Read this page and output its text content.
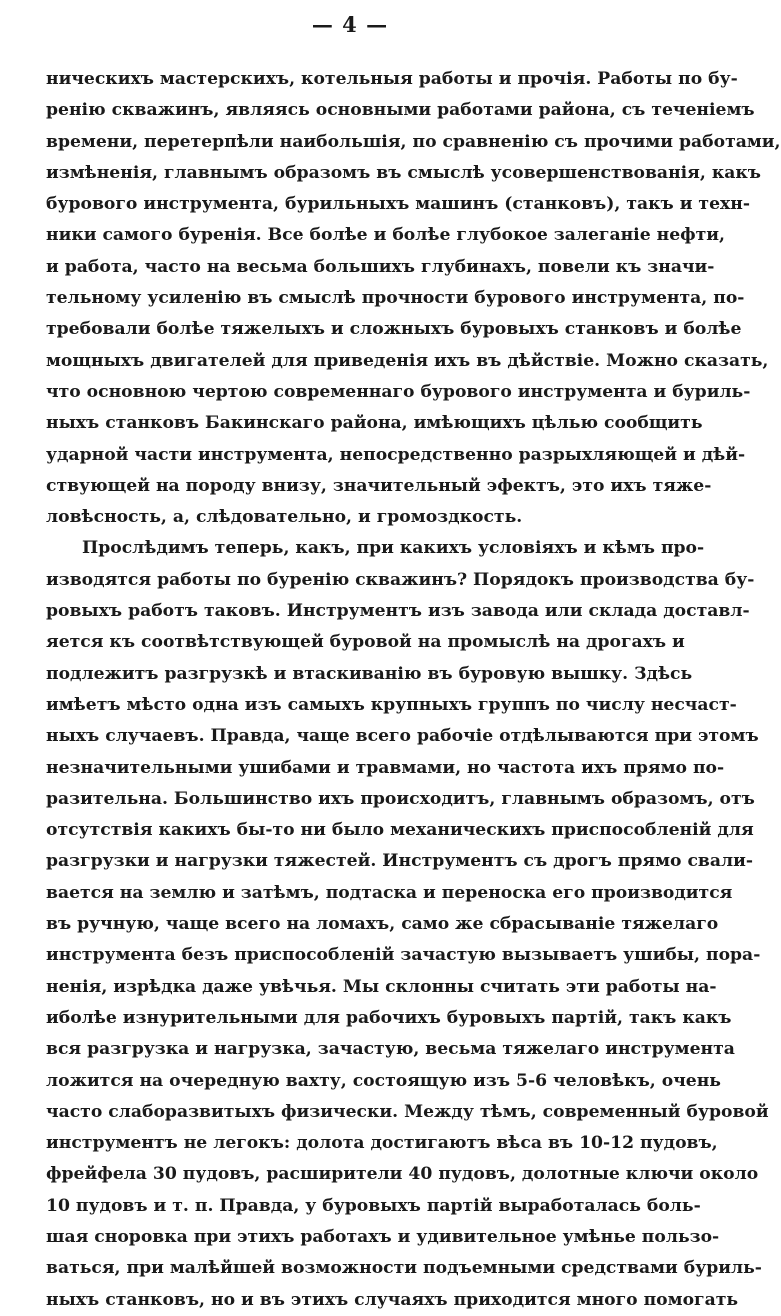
— 4 —
ническихъ мастерскихъ, котельныя работы и прочія. Работы по бу-
ренію скважинъ, являясь основными работами района, съ теченіемъ
времени, перетерпѣли наибольшія, по сравненію съ прочими работами,
измѣненія, главнымъ образомъ въ смыслѣ усовершенствованія, какъ
бурового инструмента, бурильныхъ машинъ (станковъ), такъ и техн-
ники самого буренія. Все болѣе и болѣе глубокое залеганіе нефти,
и работа, часто на весьма большихъ глубинахъ, повели къ значи-
тельному усиленію въ смыслѣ прочности бурового инструмента, по-
требовали болѣе тяжелыхъ и сложныхъ буровыхъ станковъ и болѣе
мощныхъ двигателей для приведенія ихъ въ дѣйствіе. Можно сказать,
что основною чертою современнаго бурового инструмента и буриль-
ныхъ станковъ Бакинскаго района, имѣющихъ цѣлью сообщить
ударной части инструмента, непосредственно разрыхляющей и дѣй-
ствующей на породу внизу, значительный эфектъ, это ихъ тяже-
ловѣсность, а, слѣдовательно, и громоздкость.
Прослѣдимъ теперь, какъ, при какихъ условіяхъ и кѣмъ про-
изводятся работы по буренію скважинъ? Порядокъ производства бу-
ровыхъ работъ таковъ. Инструментъ изъ завода или склада доставл-
яется къ соотвѣтствующей буровой на промыслѣ на дрогахъ и
подлежитъ разгрузкѣ и втаскиванію въ буровую вышку. Здѣсь
имѣетъ мѣсто одна изъ самыхъ крупныхъ группъ по числу несчаст-
ныхъ случаевъ. Правда, чаще всего рабочіе отдѣлываются при этомъ
незначительными ушибами и травмами, но частота ихъ прямо по-
разительна. Большинство ихъ происходитъ, главнымъ образомъ, отъ
отсутствія какихъ бы-то ни было механическихъ приспособленій для
разгрузки и нагрузки тяжестей. Инструментъ съ дрогъ прямо свали-
вается на землю и затѣмъ, подтаска и переноска его производится
въ ручную, чаще всего на ломахъ, само же сбрасываніе тяжелаго
инструмента безъ приспособленій зачастую вызываетъ ушибы, пора-
ненія, изрѣдка даже увѣчья. Мы склонны считать эти работы на-
иболѣе изнурительными для рабочихъ буровыхъ партій, такъ какъ
вся разгрузка и нагрузка, зачастую, весьма тяжелаго инструмента
ложится на очередную вахту, состоящую изъ 5-6 человѣкъ, очень
часто слаборазвитыхъ физически. Между тѣмъ, современный буровой
инструментъ не легокъ: долота достигаютъ вѣса въ 10-12 пудовъ,
фрейфела 30 пудовъ, расширители 40 пудовъ, долотные ключи около
10 пудовъ и т. п. Правда, у буровыхъ партій выработалась боль-
шая сноровка при этихъ работахъ и удивительное умѣнье пользо-
ваться, при малѣйшей возможности подъемными средствами буриль-
ныхъ станковъ, но и въ этихъ случаяхъ приходится много помогать
